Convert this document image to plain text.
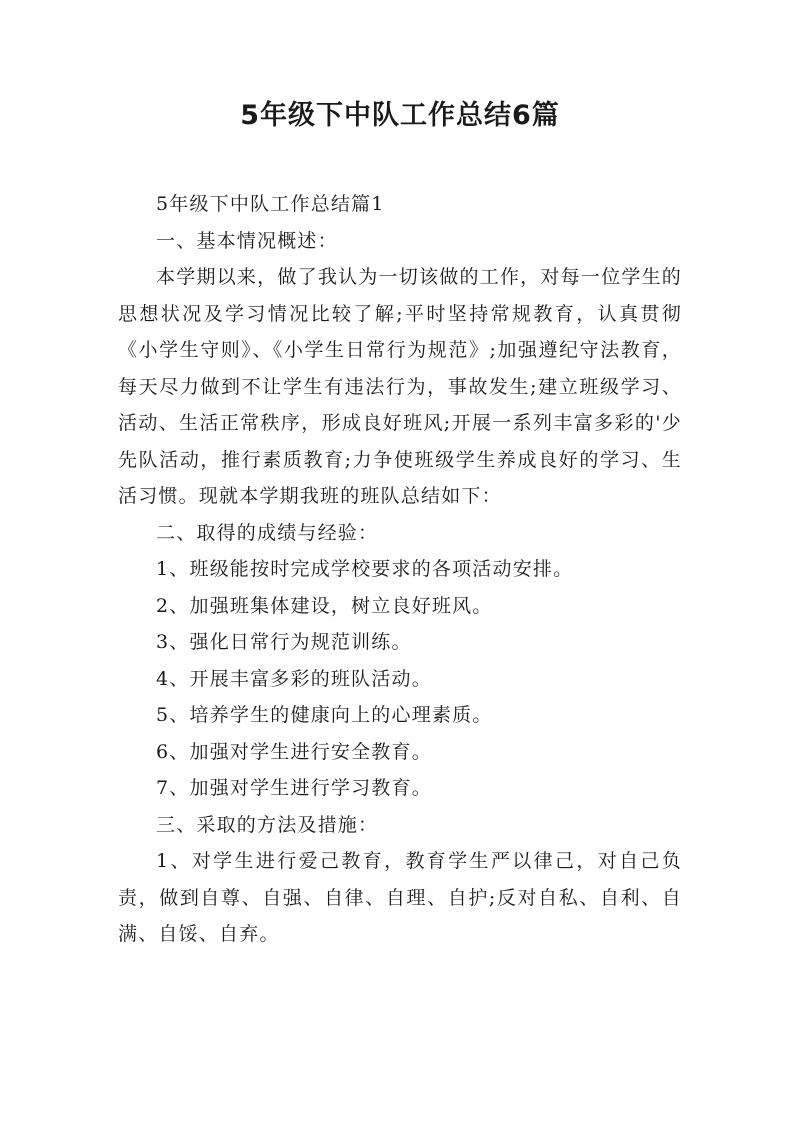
5年级下中队工作总结6篇

5年级下中队工作总结篇1

一、基本情况概述：

本学期以来，做了我认为一切该做的工作，对每一位学生的思想状况及学习情况比较了解;平时坚持常规教育，认真贯彻《小学生守则》、《小学生日常行为规范》;加强遵纪守法教育，每天尽力做到不让学生有违法行为，事故发生;建立班级学习、活动、生活正常秩序，形成良好班风;开展一系列丰富多彩的'少先队活动，推行素质教育;力争使班级学生养成良好的学习、生活习惯。现就本学期我班的班队总结如下：

二、取得的成绩与经验：

1、班级能按时完成学校要求的各项活动安排。

2、加强班集体建设，树立良好班风。

3、强化日常行为规范训练。

4、开展丰富多彩的班队活动。

5、培养学生的健康向上的心理素质。

6、加强对学生进行安全教育。

7、加强对学生进行学习教育。

三、采取的方法及措施：

1、对学生进行爱己教育，教育学生严以律己，对自己负责，做到自尊、自强、自律、自理、自护;反对自私、自利、自满、自馁、自弃。
